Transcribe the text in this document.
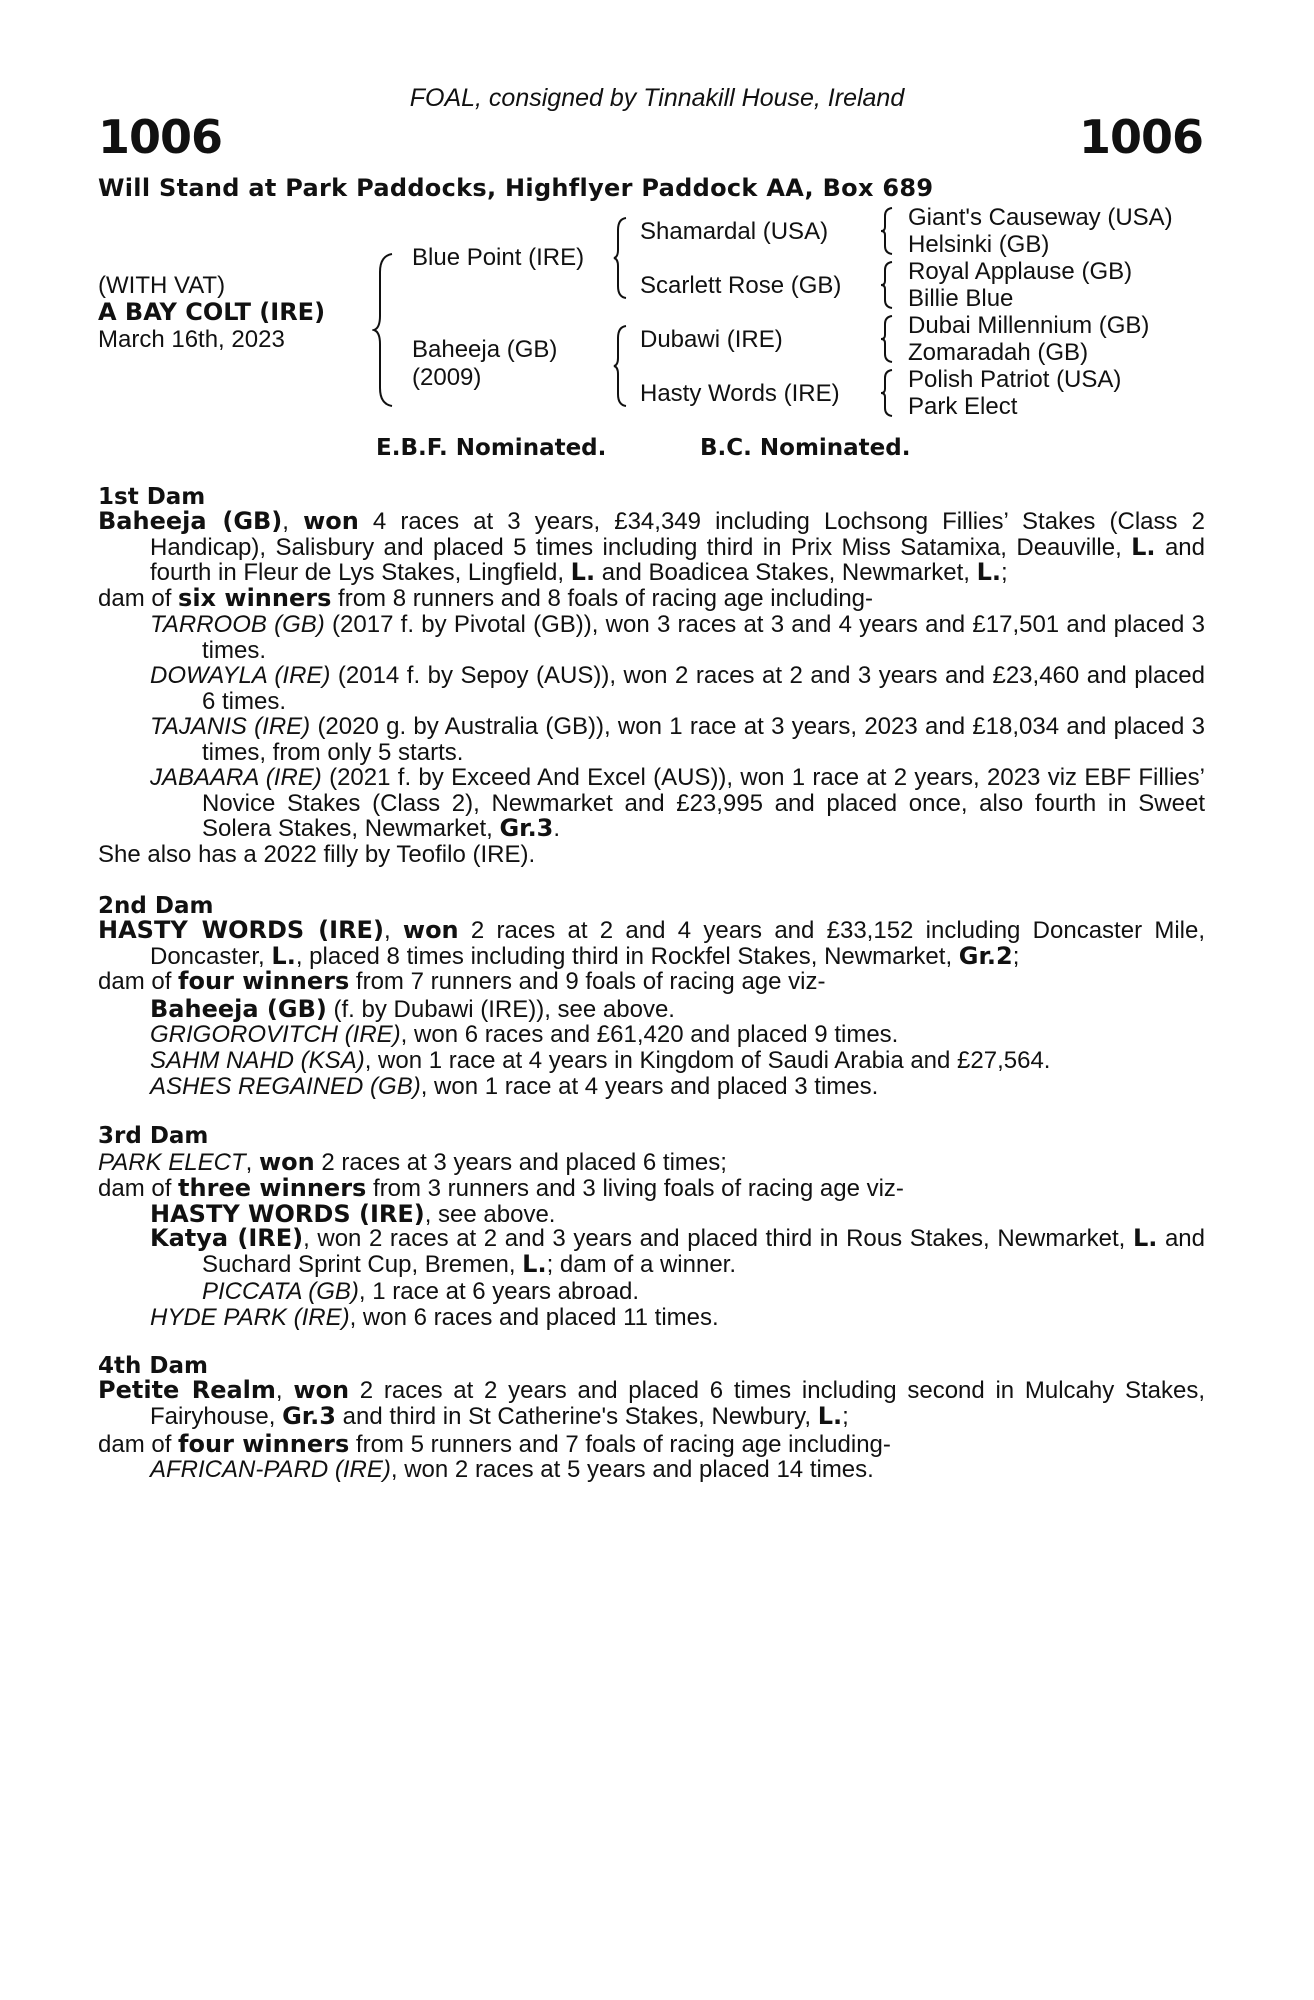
FOAL, consigned by Tinnakill House, Ireland
1006	1006
Will Stand at Park Paddocks, Highflyer Paddock AA, Box 689
(WITH VAT)
A BAY COLT (IRE)
March 16th, 2023
Blue Point (IRE)
Baheeja (GB)
(2009)
Shamardal (USA)
Scarlett Rose (GB)
Dubawi (IRE)
Hasty Words (IRE)
Giant's Causeway (USA)
Helsinki (GB)
Royal Applause (GB)
Billie Blue
Dubai Millennium (GB)
Zomaradah (GB)
Polish Patriot (USA)
Park Elect
E.B.F. Nominated.	B.C. Nominated.
1st Dam
Baheeja (GB), won 4 races at 3 years, £34,349 including Lochsong Fillies’ Stakes (Class 2 Handicap), Salisbury and placed 5 times including third in Prix Miss Satamixa, Deauville, L. and fourth in Fleur de Lys Stakes, Lingfield, L. and Boadicea Stakes, Newmarket, L.;
dam of six winners from 8 runners and 8 foals of racing age including-
TARROOB (GB) (2017 f. by Pivotal (GB)), won 3 races at 3 and 4 years and £17,501 and placed 3 times.
DOWAYLA (IRE) (2014 f. by Sepoy (AUS)), won 2 races at 2 and 3 years and £23,460 and placed 6 times.
TAJANIS (IRE) (2020 g. by Australia (GB)), won 1 race at 3 years, 2023 and £18,034 and placed 3 times, from only 5 starts.
JABAARA (IRE) (2021 f. by Exceed And Excel (AUS)), won 1 race at 2 years, 2023 viz EBF Fillies’ Novice Stakes (Class 2), Newmarket and £23,995 and placed once, also fourth in Sweet Solera Stakes, Newmarket, Gr.3.
She also has a 2022 filly by Teofilo (IRE).
2nd Dam
HASTY WORDS (IRE), won 2 races at 2 and 4 years and £33,152 including Doncaster Mile, Doncaster, L., placed 8 times including third in Rockfel Stakes, Newmarket, Gr.2;
dam of four winners from 7 runners and 9 foals of racing age viz-
Baheeja (GB) (f. by Dubawi (IRE)), see above.
GRIGOROVITCH (IRE), won 6 races and £61,420 and placed 9 times.
SAHM NAHD (KSA), won 1 race at 4 years in Kingdom of Saudi Arabia and £27,564.
ASHES REGAINED (GB), won 1 race at 4 years and placed 3 times.
3rd Dam
PARK ELECT, won 2 races at 3 years and placed 6 times;
dam of three winners from 3 runners and 3 living foals of racing age viz-
HASTY WORDS (IRE), see above.
Katya (IRE), won 2 races at 2 and 3 years and placed third in Rous Stakes, Newmarket, L. and Suchard Sprint Cup, Bremen, L.; dam of a winner.
PICCATA (GB), 1 race at 6 years abroad.
HYDE PARK (IRE), won 6 races and placed 11 times.
4th Dam
Petite Realm, won 2 races at 2 years and placed 6 times including second in Mulcahy Stakes, Fairyhouse, Gr.3 and third in St Catherine's Stakes, Newbury, L.;
dam of four winners from 5 runners and 7 foals of racing age including-
AFRICAN-PARD (IRE), won 2 races at 5 years and placed 14 times.
